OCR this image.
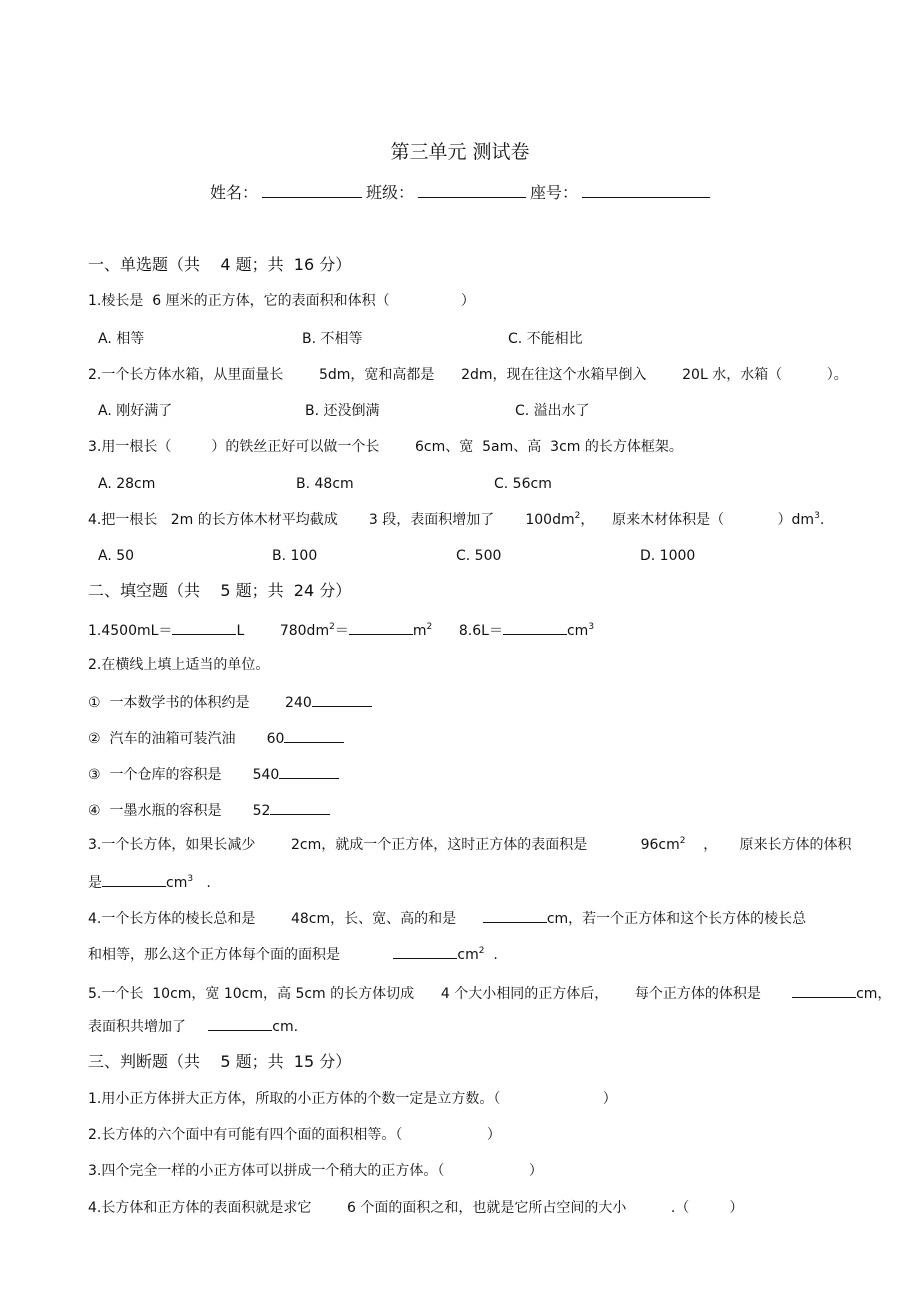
第三单元 测试卷
姓名：	班级：	座号：
一、单选题（共    4 题；共  16 分）
1.棱长是  6 厘米的正方体，它的表面积和体积（                ）
A. 相等	B. 不相等	C. 不能相比
2.一个长方体水箱，从里面量长        5dm，宽和高都是      2dm，现在往这个水箱早倒入        20L 水，水箱（          ）。
A. 刚好满了	B. 还没倒满	C. 溢出水了
3.用一根长（         ）的铁丝正好可以做一个长        6cm、宽  5am、高  3cm 的长方体框架。
A. 28cm	B. 48cm	C. 56cm
4.把一根长   2m 的长方体木材平均截成       3 段，表面积增加了       $100dm^2$，    原来木材体积是（            ）$dm^3$.
A. 50	B. 100	C. 500	D. 1000
二、填空题（共    5 题；共  24 分）
1.4500mL＝	L        $780dm^2=$	$m^2$      8.6L＝	$cm^3$
2.在横线上填上适当的单位。
①  一本数学书的体积约是        240
②  汽车的油箱可装汽油       60
③  一个仓库的容积是       540
④  一墨水瓶的容积是       52
3.一个长方体，如果长减少        2cm，就成一个正方体，这时正方体的表面积是            $96cm^2$    ，     原来长方体的体积
是	$cm^3$   .
4.一个长方体的棱长总和是        48cm，长、宽、高的和是	cm，若一个正方体和这个长方体的棱长总
和相等，那么这个正方体每个面的面积是	$cm^2$  .
5.一个长  10cm，宽 10cm，高 5cm 的长方体切成      4 个大小相同的正方体后，      每个正方体的体积是	cm，
表面积共增加了	cm.
三、判断题（共    5 题；共  15 分）
1.用小正方体拼大正方体，所取的小正方体的个数一定是立方数。（                       ）
2.长方体的六个面中有可能有四个面的面积相等。（                   ）
3.四个完全一样的小正方体可以拼成一个稍大的正方体。（                   ）
4.长方体和正方体的表面积就是求它        6 个面的面积之和，也就是它所占空间的大小          .（         ）
